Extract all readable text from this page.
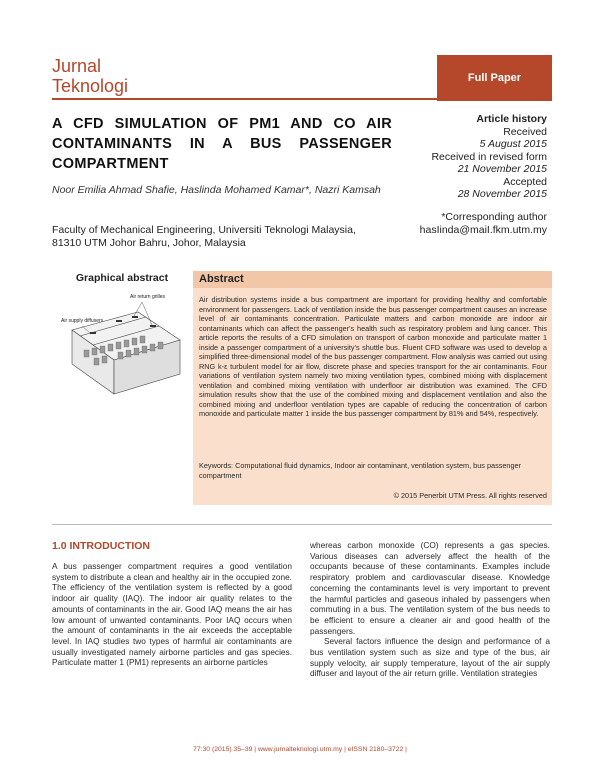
Jurnal
Teknologi	Full Paper
A CFD SIMULATION OF PM1 AND CO AIR
CONTAMINANTS IN A BUS PASSENGER
COMPARTMENT
Article history
Received
5 August 2015
Received in revised form
21 November 2015
Accepted
28 November 2015
Noor Emilia Ahmad Shafie, Haslinda Mohamed Kamar*, Nazri Kamsah
Faculty of Mechanical Engineering, Universiti Teknologi Malaysia,
81310 UTM Johor Bahru, Johor, Malaysia
*Corresponding author
hasIinda@maiI.fkm.utm.my
Graphical abstract
Air return grilles
Air supply diffusers
Abstract
Air distribution systems inside a bus compartment are important for providing healthy and comfortable environment for passengers. Lack of ventilation inside the bus passenger compartment causes an increase level of air contaminants concentration. Particulate matters and carbon monoxide are indoor air contaminants which can affect the passenger's health such as respiratory problem and lung cancer. This article reports the results of a CFD simulation on transport of carbon monoxide and particulate matter 1 inside a passenger compartment of a university's shuttle bus. Fluent CFD software was used to develop a simplified three-dimensional model of the bus passenger compartment. Flow analysis was carried out using RNG k-ε turbulent model for air flow, discrete phase and species transport for the air contaminants. Four variations of ventilation system namely two mixing ventilation types, combined mixing with displacement ventilation and combined mixing ventilation with underfloor air distribution was examined. The CFD simulation results show that the use of the combined mixing and displacement ventilation and also the combined mixing and underfloor ventilation types are capable of reducing the concentration of carbon monoxide and particulate matter 1 inside the bus passenger compartment by 81% and 54%, respectively.
Keywords: Computational fluid dynamics, Indoor air contaminant, ventilation system, bus passenger compartment
© 2015 Penerbit UTM Press. All rights reserved
1.0 INTRODUCTION
A bus passenger compartment requires a good ventilation system to distribute a clean and healthy air in the occupied zone. The efficiency of the ventilation system is reflected by a good indoor air quality (IAQ). The indoor air quality relates to the amounts of contaminants in the air. Good IAQ means the air has low amount of unwanted contaminants. Poor IAQ occurs when the amount of contaminants in the air exceeds the acceptable level. In IAQ studies two types of harmful air contaminants are usually investigated namely airborne particles and gas species. Particulate matter 1 (PM1) represents an airborne particles
whereas carbon monoxide (CO) represents a gas species. Various diseases can adversely affect the health of the occupants because of these contaminants. Examples include respiratory problem and cardiovascular disease. Knowledge concerning the contaminants level is very important to prevent the harmful particles and gaseous inhaled by passengers when commuting in a bus. The ventilation system of the bus needs to be efficient to ensure a cleaner air and good health of the passengers.
Several factors influence the design and performance of a bus ventilation system such as size and type of the bus, air supply velocity, air supply temperature, layout of the air supply diffuser and layout of the air return grille. Ventilation strategies
77:30 (2015) 35–39 | www.jurnalteknologi.utm.my | eISSN 2180–3722 |
